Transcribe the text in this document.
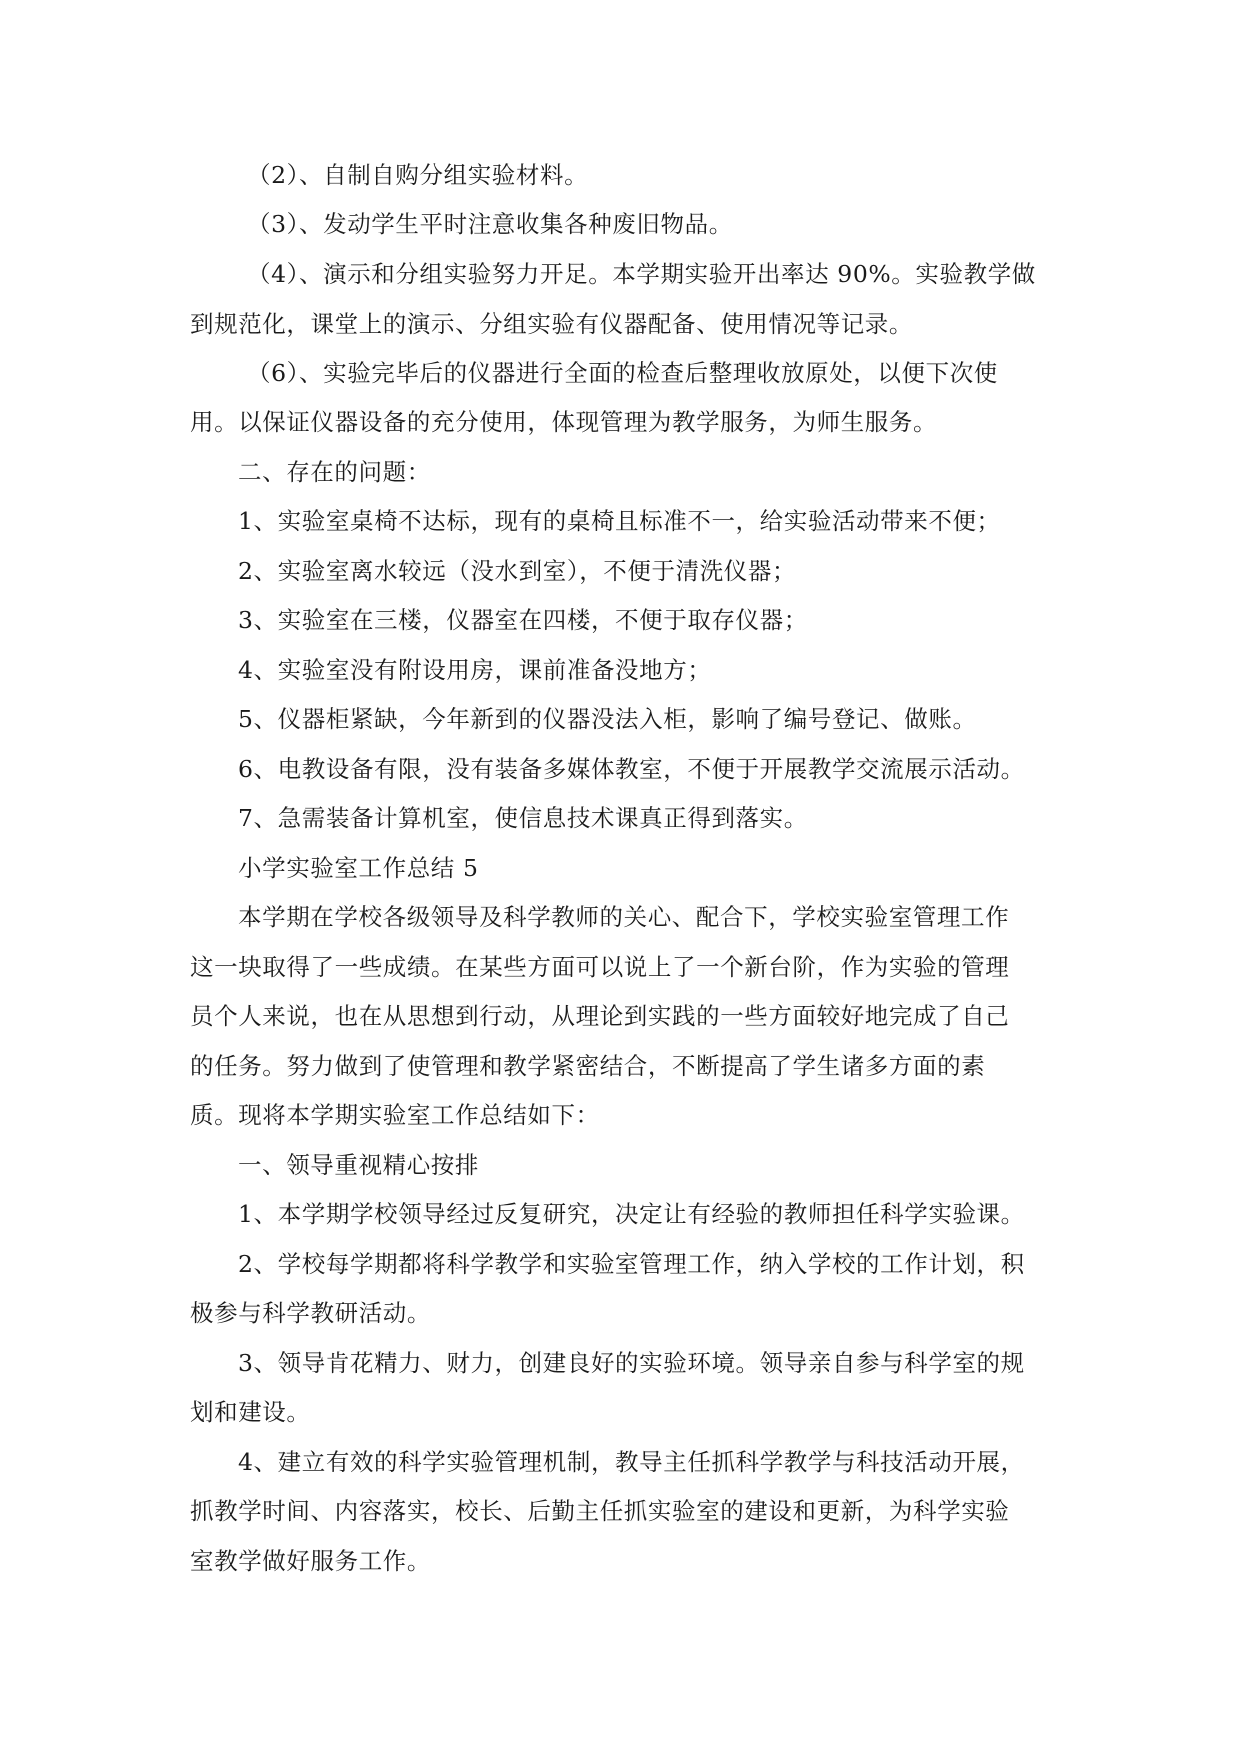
（2）、自制自购分组实验材料。
（3）、发动学生平时注意收集各种废旧物品。
（4）、演示和分组实验努力开足。本学期实验开出率达 90%。实验教学做
到规范化，课堂上的演示、分组实验有仪器配备、使用情况等记录。
（6）、实验完毕后的仪器进行全面的检查后整理收放原处，以便下次使
用。以保证仪器设备的充分使用，体现管理为教学服务，为师生服务。
二、存在的问题：
1、实验室桌椅不达标，现有的桌椅且标准不一，给实验活动带来不便；
2、实验室离水较远（没水到室），不便于清洗仪器；
3、实验室在三楼，仪器室在四楼，不便于取存仪器；
4、实验室没有附设用房，课前准备没地方；
5、仪器柜紧缺，今年新到的仪器没法入柜，影响了编号登记、做账。
6、电教设备有限，没有装备多媒体教室，不便于开展教学交流展示活动。
7、急需装备计算机室，使信息技术课真正得到落实。
小学实验室工作总结 5
本学期在学校各级领导及科学教师的关心、配合下，学校实验室管理工作
这一块取得了一些成绩。在某些方面可以说上了一个新台阶，作为实验的管理
员个人来说，也在从思想到行动，从理论到实践的一些方面较好地完成了自己
的任务。努力做到了使管理和教学紧密结合，不断提高了学生诸多方面的素
质。现将本学期实验室工作总结如下：
一、领导重视精心按排
1、本学期学校领导经过反复研究，决定让有经验的教师担任科学实验课。
2、学校每学期都将科学教学和实验室管理工作，纳入学校的工作计划，积
极参与科学教研活动。
3、领导肯花精力、财力，创建良好的实验环境。领导亲自参与科学室的规
划和建设。
4、建立有效的科学实验管理机制，教导主任抓科学教学与科技活动开展，
抓教学时间、内容落实，校长、后勤主任抓实验室的建设和更新，为科学实验
室教学做好服务工作。
